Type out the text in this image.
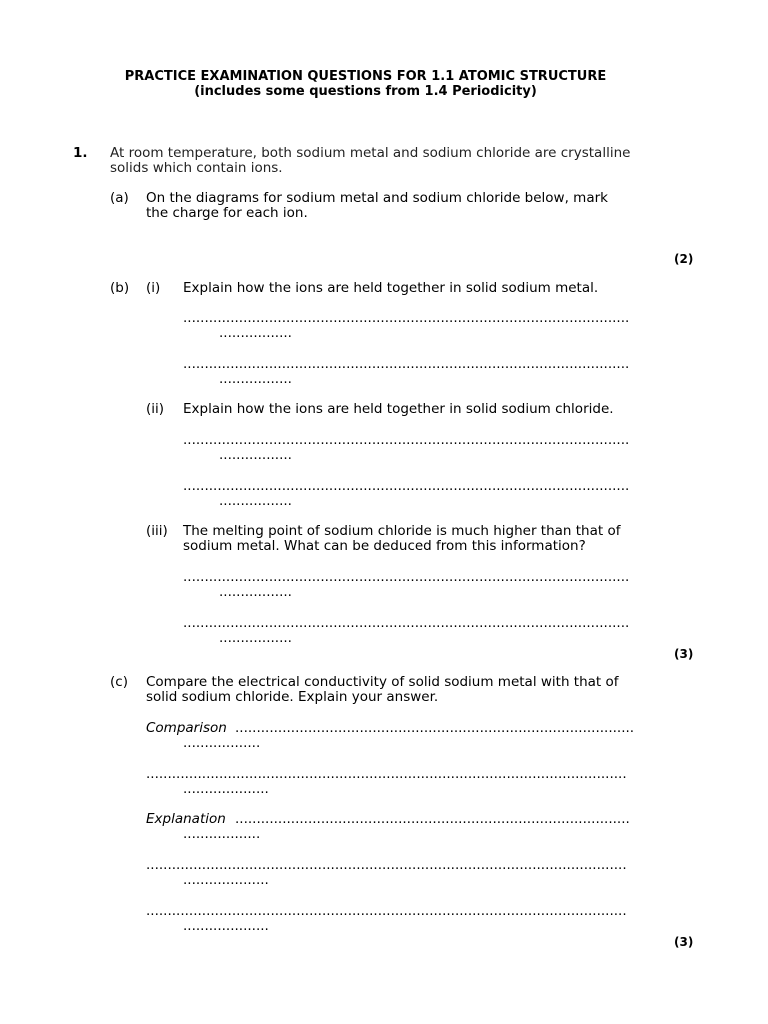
PRACTICE EXAMINATION QUESTIONS FOR 1.1 ATOMIC STRUCTURE
(includes some questions from 1.4 Periodicity)
1. At room temperature, both sodium metal and sodium chloride are crystalline
solids which contain ions.
(a) On the diagrams for sodium metal and sodium chloride below, mark
the charge for each ion.
(2)
(b) (i) Explain how the ions are held together in solid sodium metal.
........................................................................................................
.................
........................................................................................................
.................
(ii) Explain how the ions are held together in solid sodium chloride.
........................................................................................................
.................
........................................................................................................
.................
(iii) The melting point of sodium chloride is much higher than that of
sodium metal. What can be deduced from this information?
........................................................................................................
.................
........................................................................................................
.................
(3)
(c) Compare the electrical conductivity of solid sodium metal with that of
solid sodium chloride. Explain your answer.
Comparison .............................................................................................
..................
................................................................................................................
....................
Explanation ............................................................................................
..................
................................................................................................................
....................
................................................................................................................
....................
(3)
